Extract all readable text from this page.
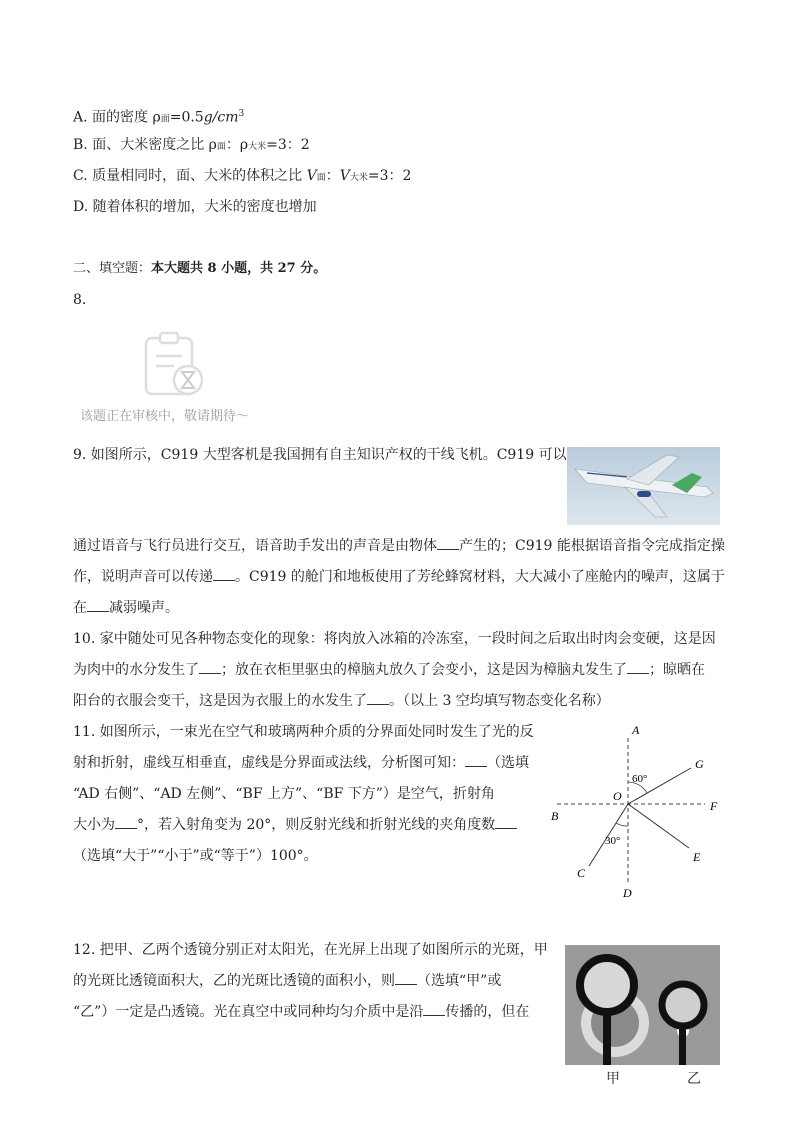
A. 面的密度 ρ面$=0.5g/cm^3$
B. 面、大米密度之比 ρ面：ρ大米=3：2
C. 质量相同时，面、大米的体积之比 V面：V大米=3：2
D. 随着体积的增加，大米的密度也增加
二、填空题：本大题共 8 小题，共 27 分。
8.
该题正在审核中，敬请期待～
9. 如图所示，C919 大型客机是我国拥有自主知识产权的干线飞机。C919 可以
通过语音与飞行员进行交互，语音助手发出的声音是由物体 产生的；C919 能根据语音指令完成指定操
作，说明声音可以传递 。C919 的舱门和地板使用了芳纶蜂窝材料，大大减小了座舱内的噪声，这属于
在 减弱噪声。
10. 家中随处可见各种物态变化的现象：将肉放入冰箱的冷冻室，一段时间之后取出时肉会变硬，这是因
为肉中的水分发生了 ；放在衣柜里驱虫的樟脑丸放久了会变小，这是因为樟脑丸发生了 ；晾晒在
阳台的衣服会变干，这是因为衣服上的水发生了 。（以上 3 空均填写物态变化名称）
11. 如图所示，一束光在空气和玻璃两种介质的分界面处同时发生了光的反
射和折射，虚线互相垂直，虚线是分界面或法线，分析图可知： （选填
“AD 右侧”、“AD 左侧”、“BF 上方”、“BF 下方”）是空气，折射角
大小为 °，若入射角变为 20°，则反射光线和折射光线的夹角度数
（选填“大于”“小于”或“等于”）100°。
A
B
C
D
E
F
G
O
60°
30°
12. 把甲、乙两个透镜分别正对太阳光，在光屏上出现了如图所示的光斑，甲
的光斑比透镜面积大，乙的光斑比透镜的面积小，则 （选填“甲”或
“乙”）一定是凸透镜。光在真空中或同种均匀介质中是沿 传播的，但在
甲	乙
